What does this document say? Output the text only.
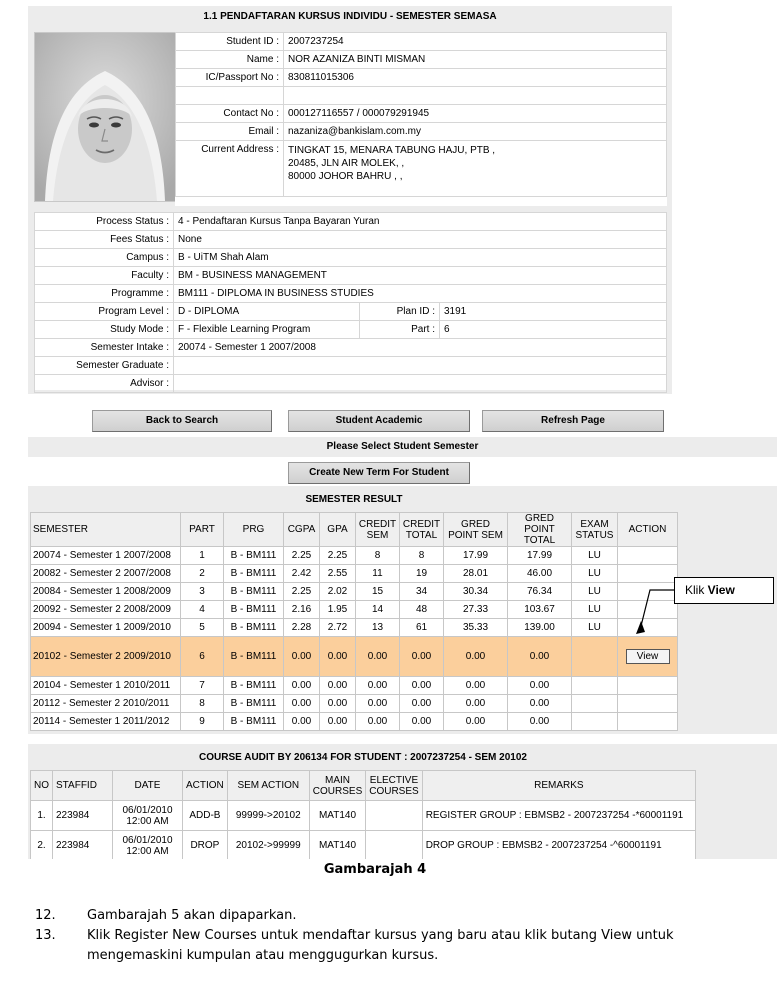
1.1 PENDAFTARAN KURSUS INDIVIDU - SEMESTER SEMASA
Student ID :	2007237254
Name :	NOR AZANIZA BINTI MISMAN
IC/Passport No :	830811015306

Contact No :	000127116557 / 000079291945
Email :	nazaniza@bankislam.com.my
Current Address :	TINGKAT 15, MENARA TABUNG HAJU, PTB ,
20485, JLN AIR MOLEK, ,
80000 JOHOR BAHRU , ,
Process Status :	4 - Pendaftaran Kursus Tanpa Bayaran Yuran		
Fees Status :	None		
Campus :	B - UiTM Shah Alam		
Faculty :	BM - BUSINESS MANAGEMENT		
Programme :	BM111 - DIPLOMA IN BUSINESS STUDIES		
Program Level :	D - DIPLOMA	Plan ID :	3191
Study Mode :	F - Flexible Learning Program	Part :	6
Semester Intake :	20074 - Semester 1 2007/2008		
Semester Graduate :			
Advisor :			
Back to Search	Student Academic	Refresh Page
Please Select Student Semester
Create New Term For Student
SEMESTER RESULT
SEMESTER	PART	PRG	CGPA	GPA	CREDIT SEM	CREDIT TOTAL	GRED POINT SEM	GRED POINT TOTAL	EXAM STATUS	ACTION
20074 - Semester 1 2007/2008	1	B - BM111	2.25	2.25	8	8	17.99	17.99	LU	
20082 - Semester 2 2007/2008	2	B - BM111	2.42	2.55	11	19	28.01	46.00	LU	
20084 - Semester 1 2008/2009	3	B - BM111	2.25	2.02	15	34	30.34	76.34	LU	
20092 - Semester 2 2008/2009	4	B - BM111	2.16	1.95	14	48	27.33	103.67	LU	
20094 - Semester 1 2009/2010	5	B - BM111	2.28	2.72	13	61	35.33	139.00	LU	
20102 - Semester 2 2009/2010	6	B - BM111	0.00	0.00	0.00	0.00	0.00	0.00		View
20104 - Semester 1 2010/2011	7	B - BM111	0.00	0.00	0.00	0.00	0.00	0.00		
20112 - Semester 2 2010/2011	8	B - BM111	0.00	0.00	0.00	0.00	0.00	0.00		
20114 - Semester 1 2011/2012	9	B - BM111	0.00	0.00	0.00	0.00	0.00	0.00		
Klik View
COURSE AUDIT BY 206134 FOR STUDENT : 2007237254 - SEM 20102
NO	STAFFID	DATE	ACTION	SEM ACTION	MAIN COURSES	ELECTIVE COURSES	REMARKS
1.	223984	06/01/2010
12:00 AM	ADD-B	99999->20102	MAT140		REGISTER GROUP : EBMSB2 - 2007237254 -*60001191
2.	223984	06/01/2010
12:00 AM	DROP	20102->99999	MAT140		DROP GROUP : EBMSB2 - 2007237254 -^60001191
Gambarajah 4
12. Gambarajah 5 akan dipaparkan.
13. Klik Register New Courses untuk mendaftar kursus yang baru atau klik butang View untuk mengemaskini kumpulan atau menggugurkan kursus.
